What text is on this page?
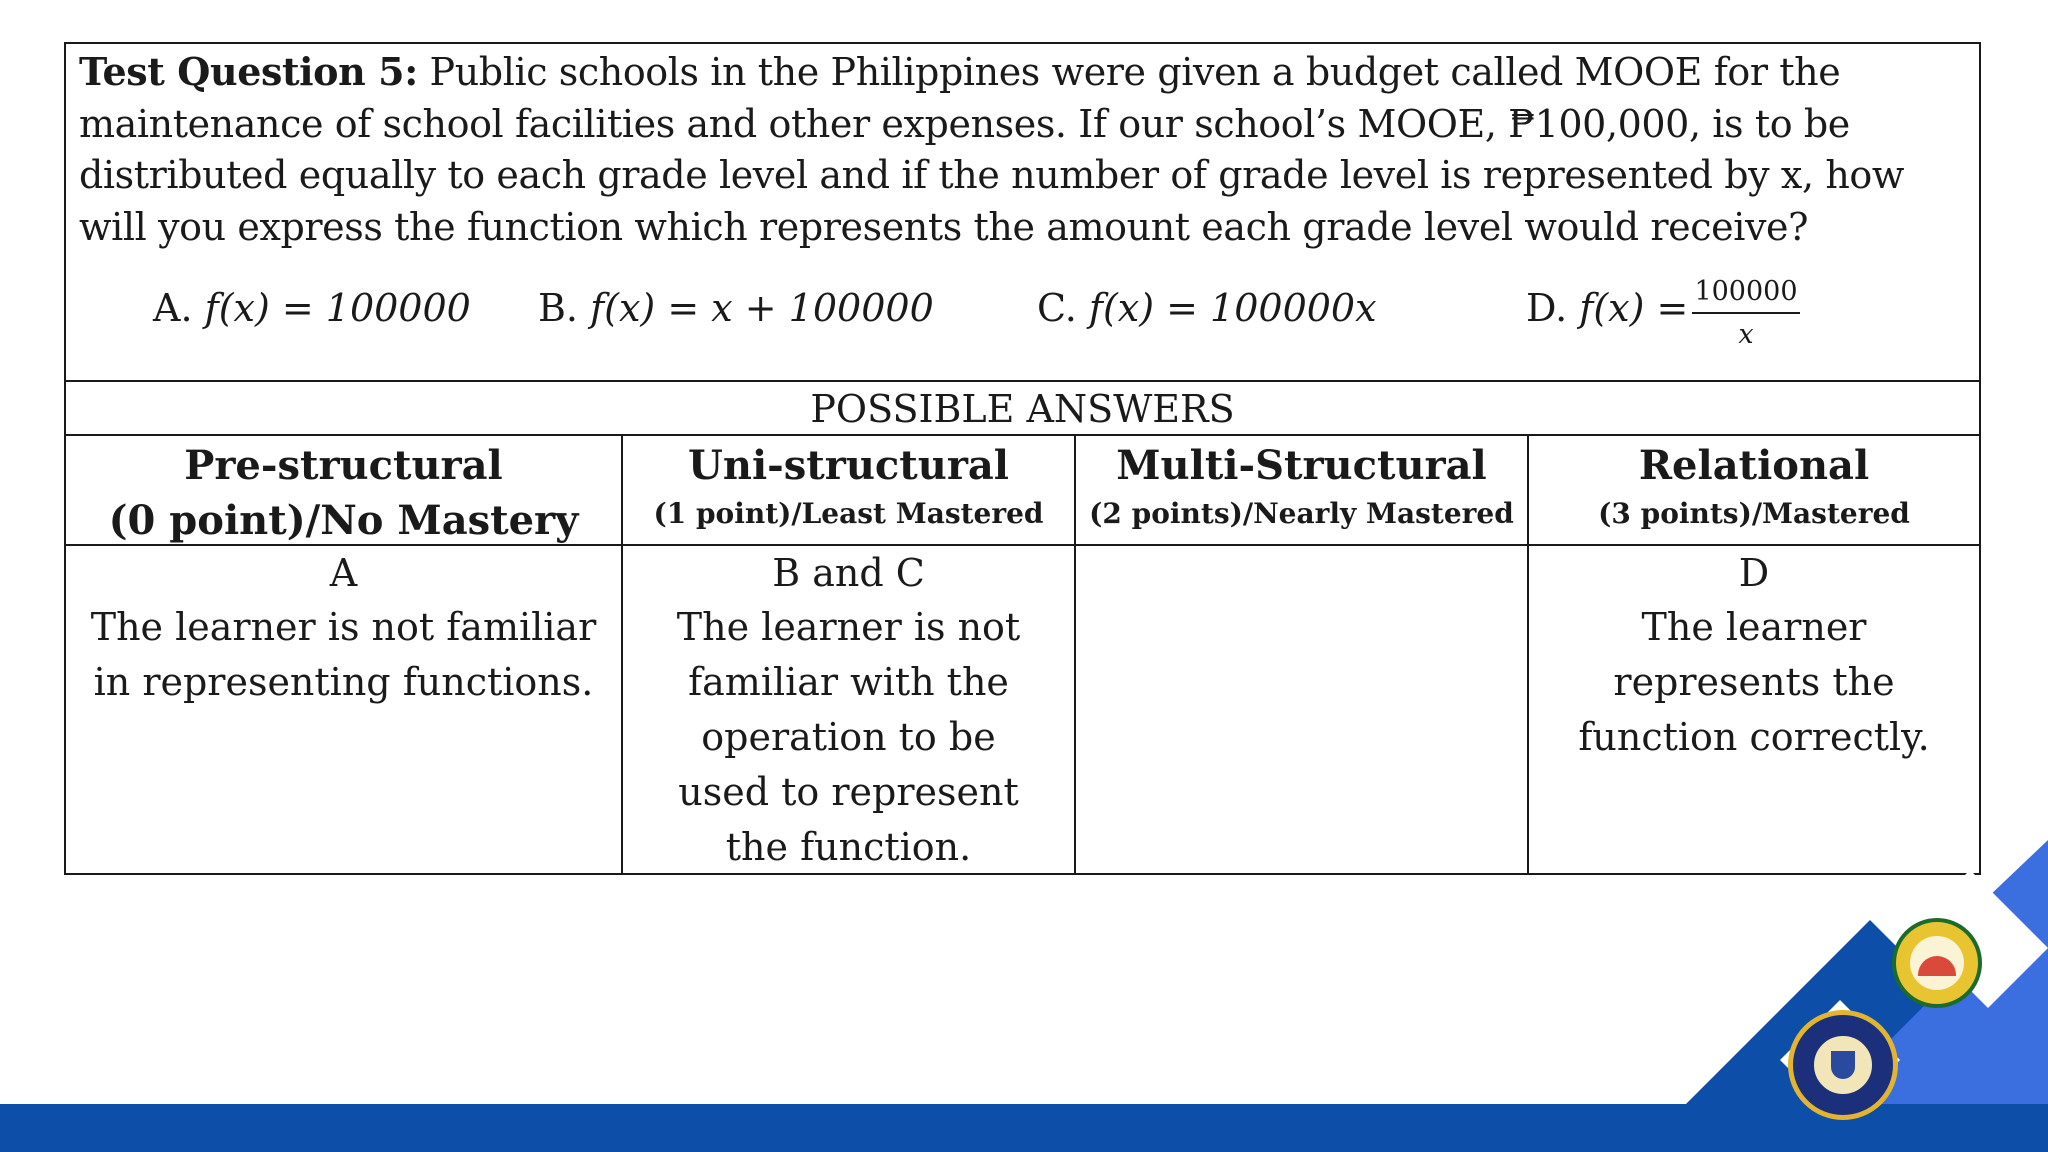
Test Question 5: Public schools in the Philippines were given a budget called MOOE for the maintenance of school facilities and other expenses. If our school’s MOOE, ₱100,000, is to be distributed equally to each grade level and if the number of grade level is represented by x, how will you express the function which represents the amount each grade level would receive?
A. f(x) = 100000 B. f(x) = x + 100000	C. f(x) = 100000x	D. f(x) = 100000
x
POSSIBLE ANSWERS
Pre-structural
(0 point)/No Mastery
Uni-structural
(1 point)/Least Mastered
Multi-Structural
(2 points)/Nearly Mastered
Relational
(3 points)/Mastered
A
The learner is not familiar in representing functions.
B and C
The learner is not familiar with the operation to be used to represent the function.
D
The learner represents the function correctly.
